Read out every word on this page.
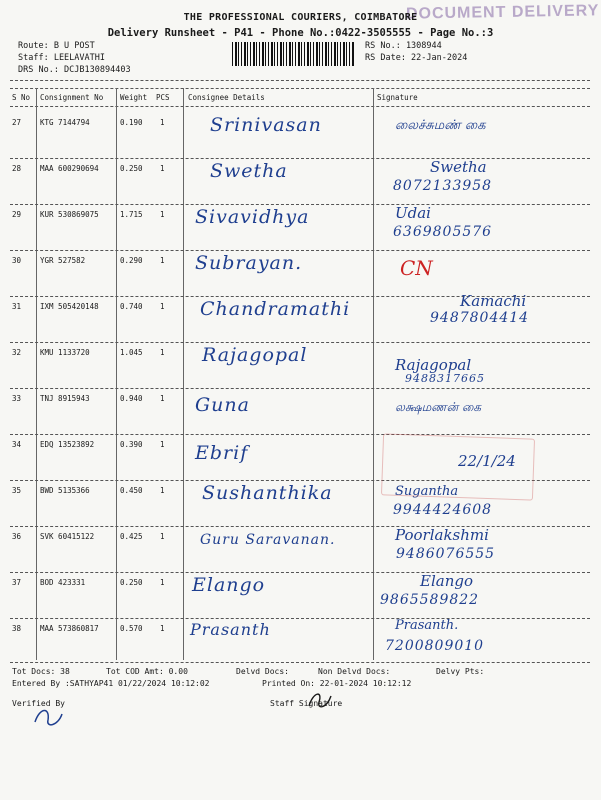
DOCUMENT DELIVERY
THE PROFESSIONAL COURIERS, COIMBATORE
Delivery Runsheet - P41 - Phone No.:0422-3505555 - Page No.:3
Route: B U POST
Staff: LEELAVATHI
DRS No.: DCJB130894403
RS No.: 1308944
RS Date: 22-Jan-2024
S No Consignment No Weight PCS Consignee Details	Signature
27	KTG 7144794	0.190 1 Srinivasan	லைச்சுமண் கை
28	MAA 600290694	0.250 1 Swetha	Swetha
8072133958
29	KUR 530869075	1.715 1 Sivavidhya	Udai
6369805576
30	YGR 527582	0.290 1 Subrayan.	CN
31	IXM 505420148	0.740 1 Chandramathi	Kamachi
9487804414
32	KMU 1133720	1.045 1 Rajagopal	Rajagopal
9488317665
33	TNJ 8915943	0.940 1 Guna	லக்ஷமணன் கை
34	EDQ 13523892	0.390 1 Ebrif	22/1/24
35	BWD 5135366	0.450 1 Sushanthika	Sugantha
9944424608
36	SVK 60415122	0.425 1	Guru Saravanan.	Poorlakshmi
9486076555
37	BOD 423331	0.250 1 Elango	Elango
9865589822
38	MAA 573860817	0.570 1 Prasanth	Prasanth.
7200809010
Tot Docs: 38	Tot COD Amt: 0.00	Delvd Docs:	Non Delvd Docs:	Delvy Pts:
Entered By :SATHYAP41 01/22/2024 10:12:02	Printed On: 22-01-2024 10:12:12
Verified By	Staff Signature
